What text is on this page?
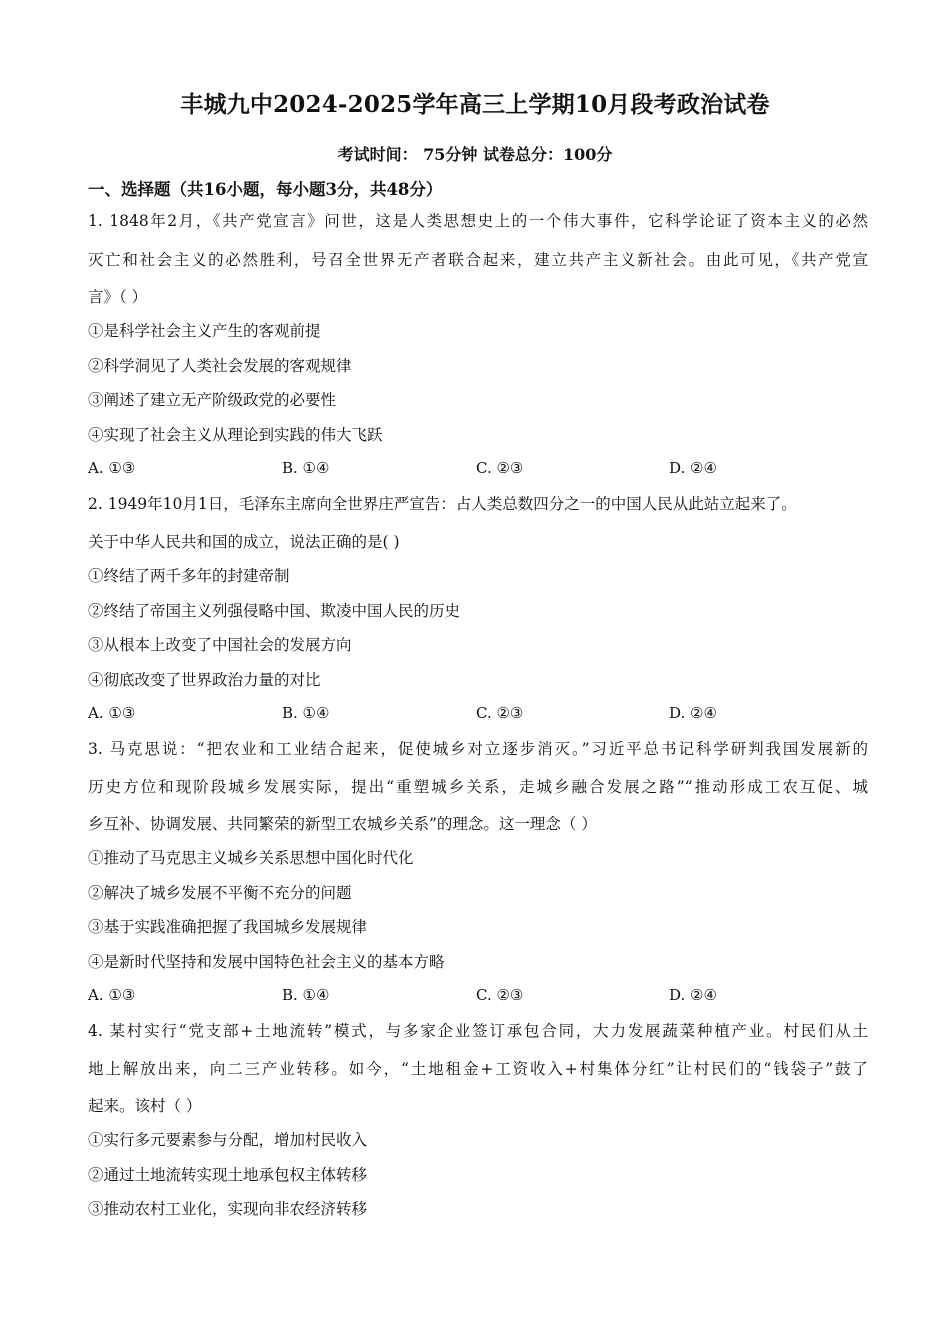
丰城九中2024-2025学年高三上学期10月段考政治试卷
考试时间： 75分钟 试卷总分：100分
一、选择题（共16小题，每小题3分，共48分）
1. 1848年2月，《共产党宣言》问世，这是人类思想史上的一个伟大事件，它科学论证了资本主义的必然
灭亡和社会主义的必然胜利，号召全世界无产者联合起来，建立共产主义新社会。由此可见，《共产党宣
言》（ ）
①是科学社会主义产生的客观前提
②科学洞见了人类社会发展的客观规律
③阐述了建立无产阶级政党的必要性
④实现了社会主义从理论到实践的伟大飞跃
A. ①③	B. ①④	C. ②③	D. ②④
2. 1949年10月1日，毛泽东主席向全世界庄严宣告：占人类总数四分之一的中国人民从此站立起来了。
关于中华人民共和国的成立，说法正确的是( )
①终结了两千多年的封建帝制
②终结了帝国主义列强侵略中国、欺凌中国人民的历史
③从根本上改变了中国社会的发展方向
④彻底改变了世界政治力量的对比
A. ①③	B. ①④	C. ②③	D. ②④
3. 马克思说：“把农业和工业结合起来，促使城乡对立逐步消灭。”习近平总书记科学研判我国发展新的
历史方位和现阶段城乡发展实际，提出“重塑城乡关系，走城乡融合发展之路”“推动形成工农互促、城
乡互补、协调发展、共同繁荣的新型工农城乡关系”的理念。这一理念（ ）
①推动了马克思主义城乡关系思想中国化时代化
②解决了城乡发展不平衡不充分的问题
③基于实践准确把握了我国城乡发展规律
④是新时代坚持和发展中国特色社会主义的基本方略
A. ①③	B. ①④	C. ②③	D. ②④
4. 某村实行“党支部+土地流转”模式，与多家企业签订承包合同，大力发展蔬菜种植产业。村民们从土
地上解放出来，向二三产业转移。如今，“土地租金+工资收入+村集体分红”让村民们的“钱袋子”鼓了
起来。该村（ ）
①实行多元要素参与分配，增加村民收入
②通过土地流转实现土地承包权主体转移
③推动农村工业化，实现向非农经济转移
